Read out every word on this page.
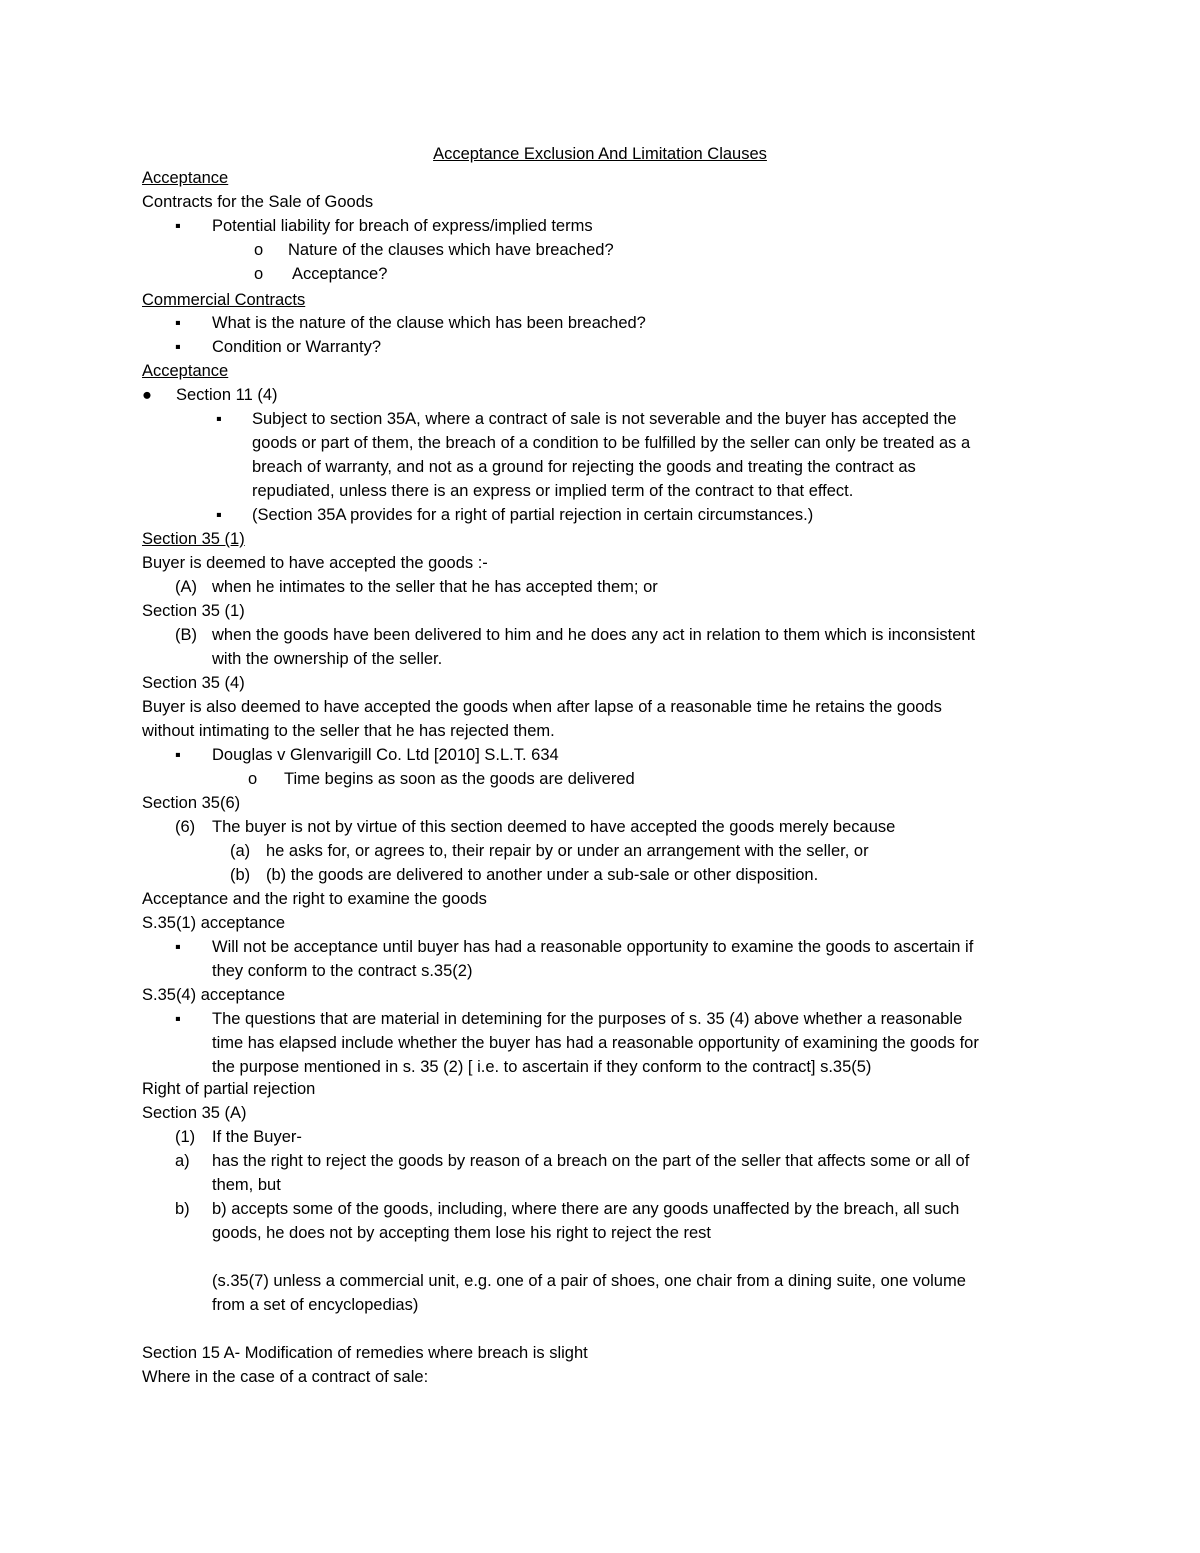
Acceptance Exclusion And Limitation Clauses
Acceptance
Contracts for the Sale of Goods
▪ Potential liability for breach of express/implied terms
o Nature of the clauses which have breached?
o Acceptance?
Commercial Contracts
▪ What is the nature of the clause which has been breached?
▪ Condition or Warranty?
Acceptance
● Section 11 (4)
▪ Subject to section 35A, where a contract of sale is not severable and the buyer has accepted the
goods or part of them, the breach of a condition to be fulfilled by the seller can only be treated as a
breach of warranty, and not as a ground for rejecting the goods and treating the contract as
repudiated, unless there is an express or implied term of the contract to that effect.
▪ (Section 35A provides for a right of partial rejection in certain circumstances.)
Section 35 (1)
Buyer is deemed to have accepted the goods :-
(A) when he intimates to the seller that he has accepted them; or
Section 35 (1)
(B) when the goods have been delivered to him and he does any act in relation to them which is inconsistent
with the ownership of the seller.
Section 35 (4)
Buyer is also deemed to have accepted the goods when after lapse of a reasonable time he retains the goods
without intimating to the seller that he has rejected them.
▪ Douglas v Glenvarigill Co. Ltd [2010] S.L.T. 634
o Time begins as soon as the goods are delivered
Section 35(6)
(6) The buyer is not by virtue of this section deemed to have accepted the goods merely because
(a) he asks for, or agrees to, their repair by or under an arrangement with the seller, or
(b) (b) the goods are delivered to another under a sub-sale or other disposition.
Acceptance and the right to examine the goods
S.35(1) acceptance
▪ Will not be acceptance until buyer has had a reasonable opportunity to examine the goods to ascertain if
they conform to the contract s.35(2)
S.35(4) acceptance
▪ The questions that are material in detemining for the purposes of s. 35 (4) above whether a reasonable
time has elapsed include whether the buyer has had a reasonable opportunity of examining the goods for
the purpose mentioned in s. 35 (2) [ i.e. to ascertain if they conform to the contract] s.35(5)
Right of partial rejection
Section 35 (A)
(1) If the Buyer-
a) has the right to reject the goods by reason of a breach on the part of the seller that affects some or all of
them, but
b) b) accepts some of the goods, including, where there are any goods unaffected by the breach, all such
goods, he does not by accepting them lose his right to reject the rest
(s.35(7) unless a commercial unit, e.g. one of a pair of shoes, one chair from a dining suite, one volume
from a set of encyclopedias)
Section 15 A- Modification of remedies where breach is slight
Where in the case of a contract of sale:
